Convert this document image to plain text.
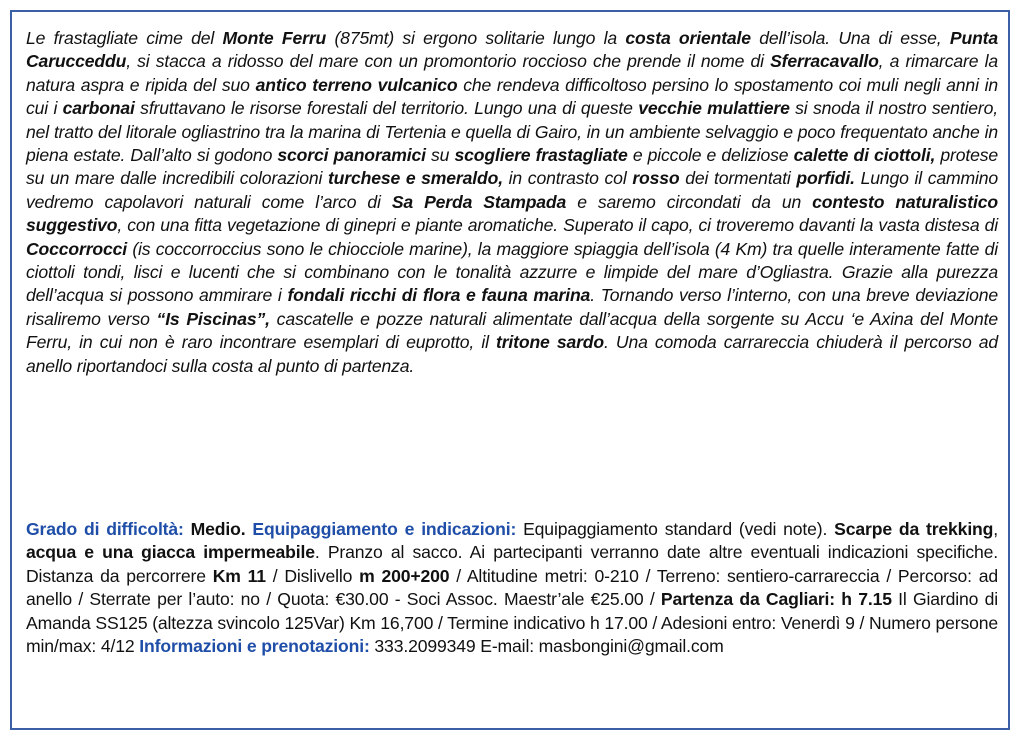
Le frastagliate cime del Monte Ferru (875mt) si ergono solitarie lungo la costa orientale dell’isola. Una di esse, Punta Carucceddu, si stacca a ridosso del mare con un promontorio roccioso che prende il nome di Sferracavallo, a rimarcare la natura aspra e ripida del suo antico terreno vulcanico che rendeva difficoltoso persino lo spostamento coi muli negli anni in cui i carbonai sfruttavano le risorse forestali del territorio. Lungo una di queste vecchie mulattiere si snoda il nostro sentiero, nel tratto del litorale ogliastrino tra la marina di Tertenia e quella di Gairo, in un ambiente selvaggio e poco frequentato anche in piena estate. Dall’alto si godono scorci panoramici su scogliere frastagliate e piccole e deliziose calette di ciottoli, protese su un mare dalle incredibili colorazioni turchese e smeraldo, in contrasto col rosso dei tormentati porfidi. Lungo il cammino vedremo capolavori naturali come l’arco di Sa Perda Stampada e saremo circondati da un contesto naturalistico suggestivo, con una fitta vegetazione di ginepri e piante aromatiche. Superato il capo, ci troveremo davanti la vasta distesa di Coccorrocci (is coccorroccius sono le chiocciole marine), la maggiore spiaggia dell’isola (4 Km) tra quelle interamente fatte di ciottoli tondi, lisci e lucenti che si combinano con le tonalità azzurre e limpide del mare d’Ogliastra. Grazie alla purezza dell’acqua si possono ammirare i fondali ricchi di flora e fauna marina. Tornando verso l’interno, con una breve deviazione risaliremo verso “Is Piscinas”, cascatelle e pozze naturali alimentate dall’acqua della sorgente su Accu ‘e Axina del Monte Ferru, in cui non è raro incontrare esemplari di euprotto, il tritone sardo. Una comoda carrareccia chiuderà il percorso ad anello riportandoci sulla costa al punto di partenza.

Grado di difficoltà: Medio. Equipaggiamento e indicazioni: Equipaggiamento standard (vedi note). Scarpe da trekking, acqua e una giacca impermeabile. Pranzo al sacco. Ai partecipanti verranno date altre eventuali indicazioni specifiche. Distanza da percorrere Km 11 / Dislivello m 200+200 / Altitudine metri: 0-210 / Terreno: sentiero-carrareccia / Percorso: ad anello / Sterrate per l’auto: no / Quota: €30.00 - Soci Assoc. Maestr’ale €25.00 / Partenza da Cagliari: h 7.15 Il Giardino di Amanda SS125 (altezza svincolo 125Var) Km 16,700 / Termine indicativo h 17.00 / Adesioni entro: Venerdì 9 / Numero persone min/max: 4/12 Informazioni e prenotazioni: 333.2099349 E-mail: masbongini@gmail.com
